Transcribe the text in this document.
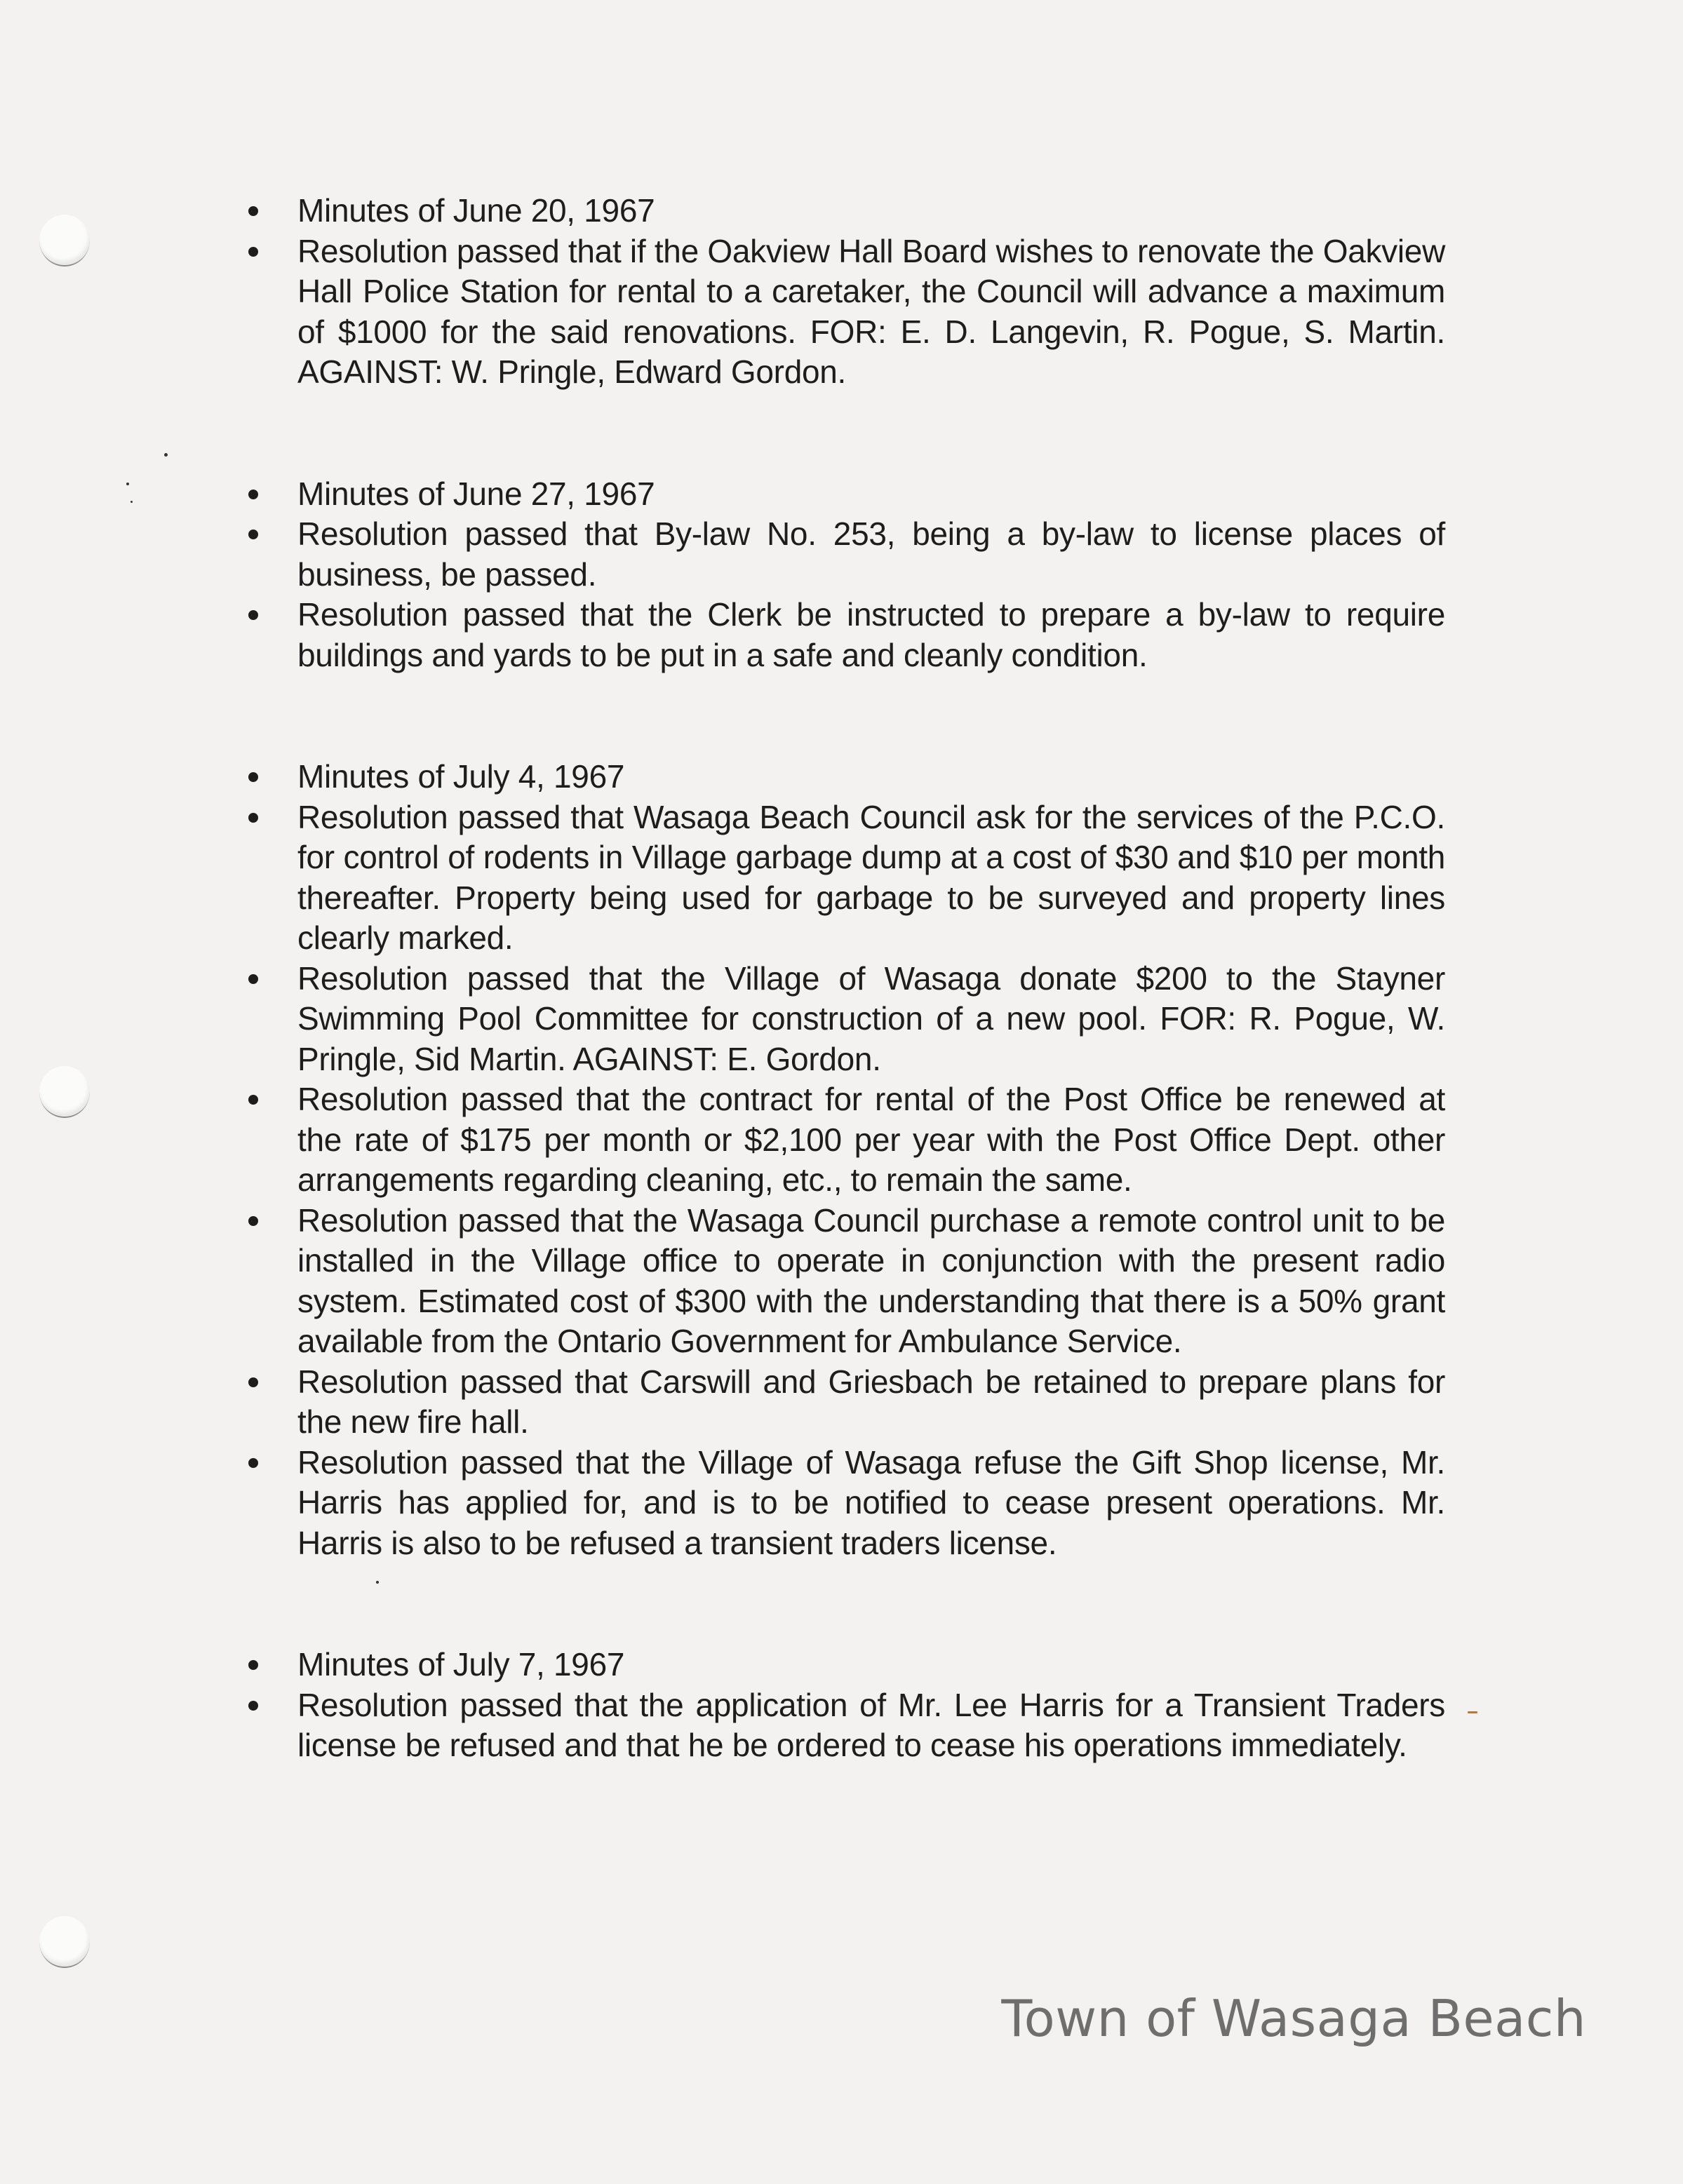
Minutes of June 20, 1967
Resolution passed that if the Oakview Hall Board wishes to renovate the Oakview Hall Police Station for rental to a caretaker, the Council will advance a maximum of $1000 for the said renovations. FOR: E. D. Langevin, R. Pogue, S. Martin. AGAINST: W. Pringle, Edward Gordon.
Minutes of June 27, 1967
Resolution passed that By-law No. 253, being a by-law to license places of business, be passed.
Resolution passed that the Clerk be instructed to prepare a by-law to require buildings and yards to be put in a safe and cleanly condition.
Minutes of July 4, 1967
Resolution passed that Wasaga Beach Council ask for the services of the P.C.O. for control of rodents in Village garbage dump at a cost of $30 and $10 per month thereafter. Property being used for garbage to be surveyed and property lines clearly marked.
Resolution passed that the Village of Wasaga donate $200 to the Stayner Swimming Pool Committee for construction of a new pool. FOR: R. Pogue, W. Pringle, Sid Martin. AGAINST: E. Gordon.
Resolution passed that the contract for rental of the Post Office be renewed at the rate of $175 per month or $2,100 per year with the Post Office Dept. other arrangements regarding cleaning, etc., to remain the same.
Resolution passed that the Wasaga Council purchase a remote control unit to be installed in the Village office to operate in conjunction with the present radio system. Estimated cost of $300 with the understanding that there is a 50% grant available from the Ontario Government for Ambulance Service.
Resolution passed that Carswill and Griesbach be retained to prepare plans for the new fire hall.
Resolution passed that the Village of Wasaga refuse the Gift Shop license, Mr. Harris has applied for, and is to be notified to cease present operations. Mr. Harris is also to be refused a transient traders license.
Minutes of July 7, 1967
Resolution passed that the application of Mr. Lee Harris for a Transient Traders license be refused and that he be ordered to cease his operations immediately.
Town of Wasaga Beach
